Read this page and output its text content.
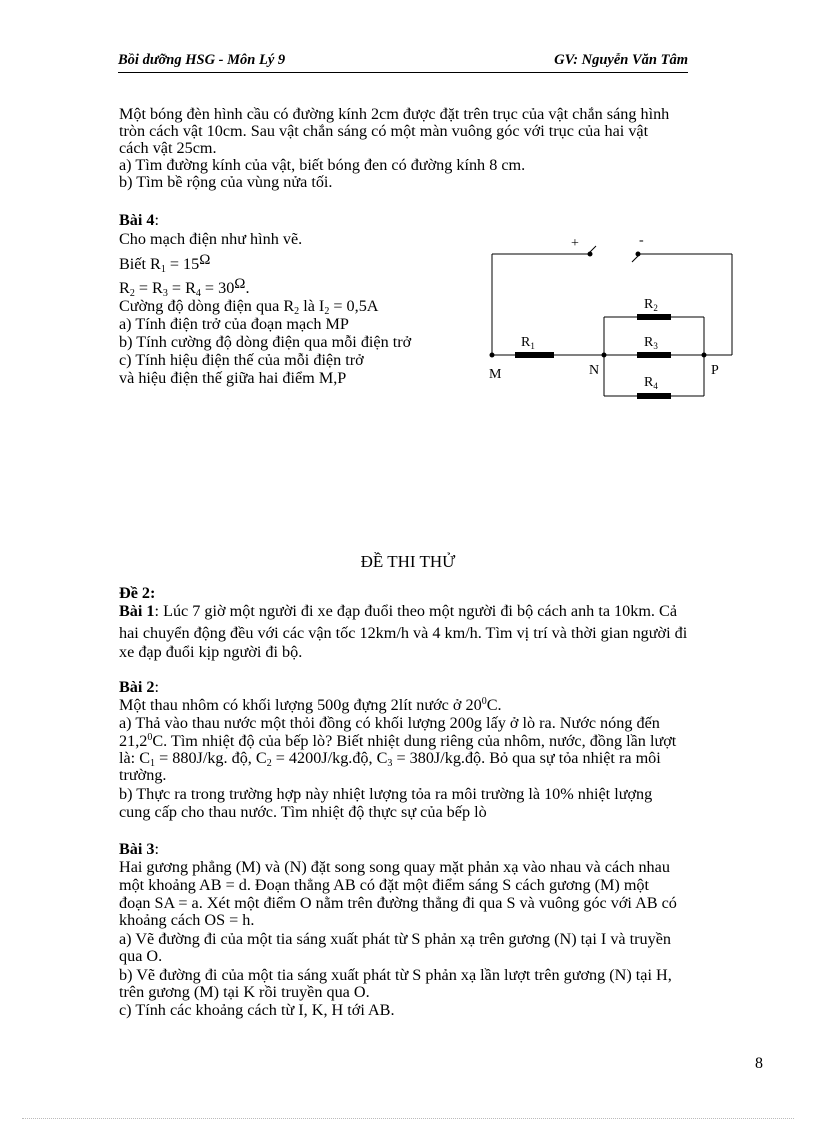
Bồi dưỡng HSG - Môn Lý 9	GV: Nguyễn Văn Tâm
Một bóng đèn hình cầu có đường kính 2cm được đặt trên trục của vật chắn sáng hình
tròn cách vật 10cm. Sau vật chắn sáng có một màn vuông góc với trục của hai vật
cách vật 25cm.
a) Tìm đường kính của vật, biết bóng đen có đường kính 8 cm.
b) Tìm bề rộng của vùng nửa tối.
Bài 4:
Cho mạch điện như hình vẽ.
Biết $R_1 = 15^\Omega$
$R_2 = R_3 = R_4 = 30^\Omega$.
Cường độ dòng điện qua $R_2$ là $I_2 = 0,5A$
a) Tính điện trở của đoạn mạch MP
b) Tính cường độ dòng điện qua mỗi điện trở
c) Tính hiệu điện thế của mỗi điện trở
và hiệu điện thế giữa hai điểm M,P
+	-
$R_1$
$R_2$
$R_3$
$R_4$
M	N	P
ĐỀ THI THỬ
Đề 2:
Bài 1: Lúc 7 giờ một người đi xe đạp đuổi theo một người đi bộ cách anh ta 10km. Cả
hai chuyển động đều với các vận tốc 12km/h và 4 km/h. Tìm vị trí và thời gian người đi
xe đạp đuổi kịp người đi bộ.
Bài 2:
Một thau nhôm có khối lượng 500g đựng 2lít nước ở $20^0C$.
a) Thả vào thau nước một thỏi đồng có khối lượng 200g lấy ở lò ra. Nước nóng đến
21,2$^0$C. Tìm nhiệt độ của bếp lò? Biết nhiệt dung riêng của nhôm, nước, đồng lần lượt
là: $C_1 = 880J/kg$. độ, $C_2$ = 4200J/kg.độ, $C_3$ = 380J/kg.độ. Bỏ qua sự tỏa nhiệt ra môi
trường.
b) Thực ra trong trường hợp này nhiệt lượng tỏa ra môi trường là 10% nhiệt lượng
cung cấp cho thau nước. Tìm nhiệt độ thực sự của bếp lò
Bài 3:
Hai gương phẳng (M) và (N) đặt song song quay mặt phản xạ vào nhau và cách nhau
một khoảng AB = d. Đoạn thẳng AB có đặt một điểm sáng S cách gương (M) một
đoạn SA = a. Xét một điểm O nằm trên đường thẳng đi qua S và vuông góc với AB có
khoảng cách OS = h.
a) Vẽ đường đi của một tia sáng xuất phát từ S phản xạ trên gương (N) tại I và truyền
qua O.
b) Vẽ đường đi của một tia sáng xuất phát từ S phản xạ lần lượt trên gương (N) tại H,
trên gương (M) tại K rồi truyền qua O.
c) Tính các khoảng cách từ I, K, H tới AB.
8
